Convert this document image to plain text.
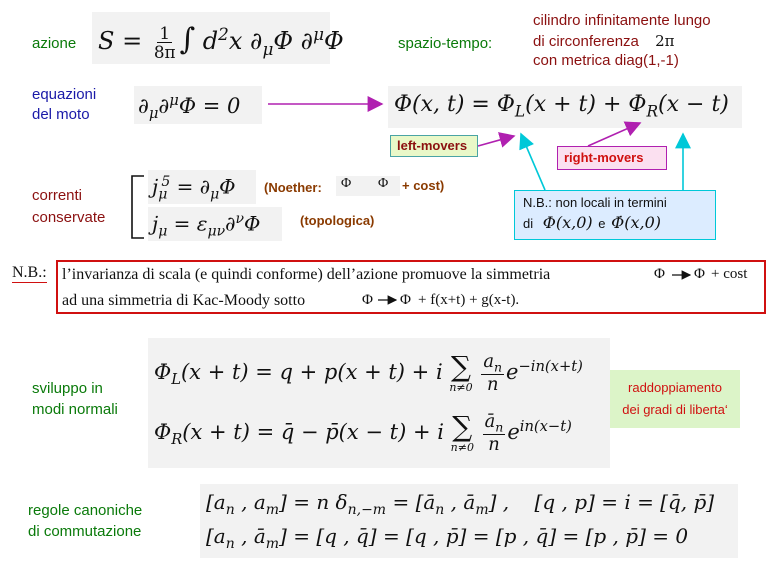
azione $S = \frac{1}{8\pi}$ ∫ $d^2x$ $\partial_\mu\Phi$ ∂$^\mu$Φ	spazio-tempo:
cilindro infinitamente lungo
di circonferenza 2π
con metrica diag(1,-1)
equazioni
del moto $\partial_\mu\partial^\mu\Phi = 0$	Φ(x, $t) = \Phi_L(x + t) + \Phi_R(x - t)$
left-movers
right-movers
correnti
conservate
$j_\mu^5 = \partial_\mu\Phi$ (Noether: Φ Φ + cost)
$j_\mu = \varepsilon_{\mu\nu}\partial^\nu\Phi$	(topologica)
N.B.: non locali in termini
di Φ(x,0) e Φ̇(x,0)
N.B.: l’invarianza di scala (e quindi conforme) dell’azione promuove la simmetria
ad una simmetria di Kac-Moody sotto
Φ Φ + cost
Φ Φ + f(x+t) + g(x-t).
sviluppo in
modi normali
$\Phi_L(x + t) = q + p(x + t) + i$ ∑
n≠0
$\frac{a_n}{n} e^{-in(x+t)}$
$\Phi_R(x + t)$ = q̄ − p̄(x − t) + i ∑
n≠0
$\frac{ā_n}{n} e^{in(x-t)}$
raddoppiamento
dei gradi di liberta‘
regole canoniche
di commutazione
[$a_n$ , $a_m] = n$ $\delta_{n,-m}$ = [$ā_n$ , $ā_m$] ,    [q , p] = i = [q̄, p̄]
[$a_n$ , $ā_m] = [q$ , q̄] = [q , p̄] = [p , q̄] = [p , p̄] = 0
